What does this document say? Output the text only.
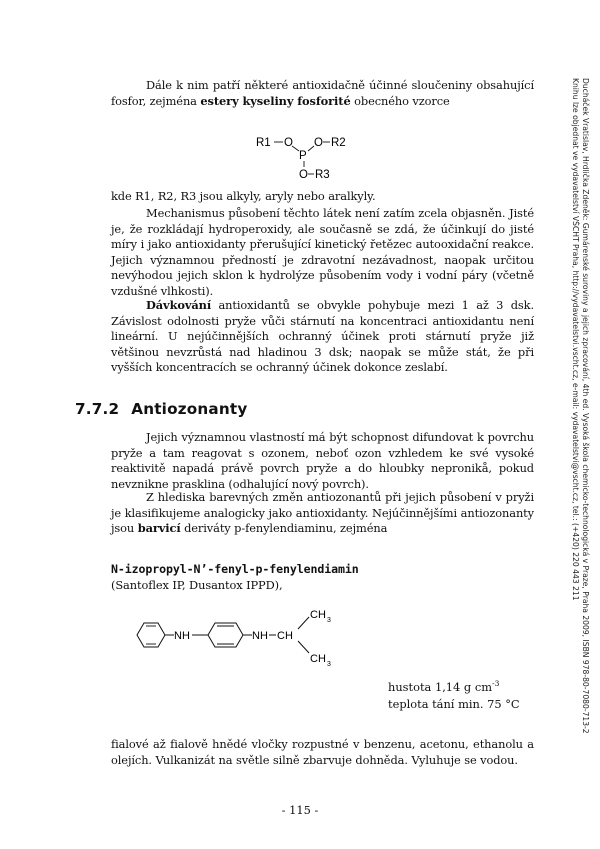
Ducháček Vratislav, Hrdlička Zdeněk: Gumárenské suroviny a jejich zpracování, 4th ed. Vysoká škola chemicko-technologická v Praze, Praha 2009, ISBN 978-80-7080-713-2
Knihu lze objednat ve vydavatelství VŠCHT Praha, http://vydavatelstvi.vscht.cz, e-mail: vydavatelstvi@vscht.cz, tel.: (+420) 220 443 211

Dále k nim patří některé antioxidačně účinné sloučeniny obsahující fosfor, zejména estery kyseliny fosforité obecného vzorce

R1 O
P
O R2
O R3

kde R1, R2, R3 jsou alkyly, aryly nebo aralkyly.

Mechanismus působení těchto látek není zatím zcela objasněn. Jisté je, že rozkládají hydroperoxidy, ale současně se zdá, že účinkují do jisté míry i jako antioxidanty přerušující kinetický řetězec autooxidační reakce. Jejich významnou předností je zdravotní nezávadnost, naopak určitou nevýhodou jejich sklon k hydrolýze působením vody i vodní páry (včetně vzdušné vlhkosti).

Dávkování antioxidantů se obvykle pohybuje mezi 1 až 3 dsk. Závislost odolnosti pryže vůči stárnutí na koncentraci antioxidantu není lineární. U nejúčinnějších ochranný účinek proti stárnutí pryže již většinou nevzrůstá nad hladinou 3 dsk; naopak se může stát, že při vyšších koncentracích se ochranný účinek dokonce zeslabí.

7.7.2 Antiozonanty

Jejich významnou vlastností má být schopnost difundovat k povrchu pryže a tam reagovat s ozonem, neboť ozon vzhledem ke své vysoké reaktivitě napadá právě povrch pryže a do hloubky nepronikå, pokud nevznikne prasklina (odhalující nový povrch).

Z hlediska barevných změn antiozonantů při jejich působení v pryži je klasifikujeme analogicky jako antioxidanty. Nejúčinnějšími antiozonanty jsou barvicí deriváty p-fenylendiaminu, zejména

N-izopropyl-N’-fenyl-p-fenylendiamin

(Santoflex IP, Dusantox IPPD),

NH	NH CH
CH 3
CH 3
hustota 1,14 g $cm^{-3}$
teplota tání min. 75 °C

fialové až fialově hnědé vločky rozpustné v benzenu, acetonu, ethanolu a olejích. Vulkanizát na světle silně zbarvuje dohněda. Vyluhuje se vodou.

- 115 -
